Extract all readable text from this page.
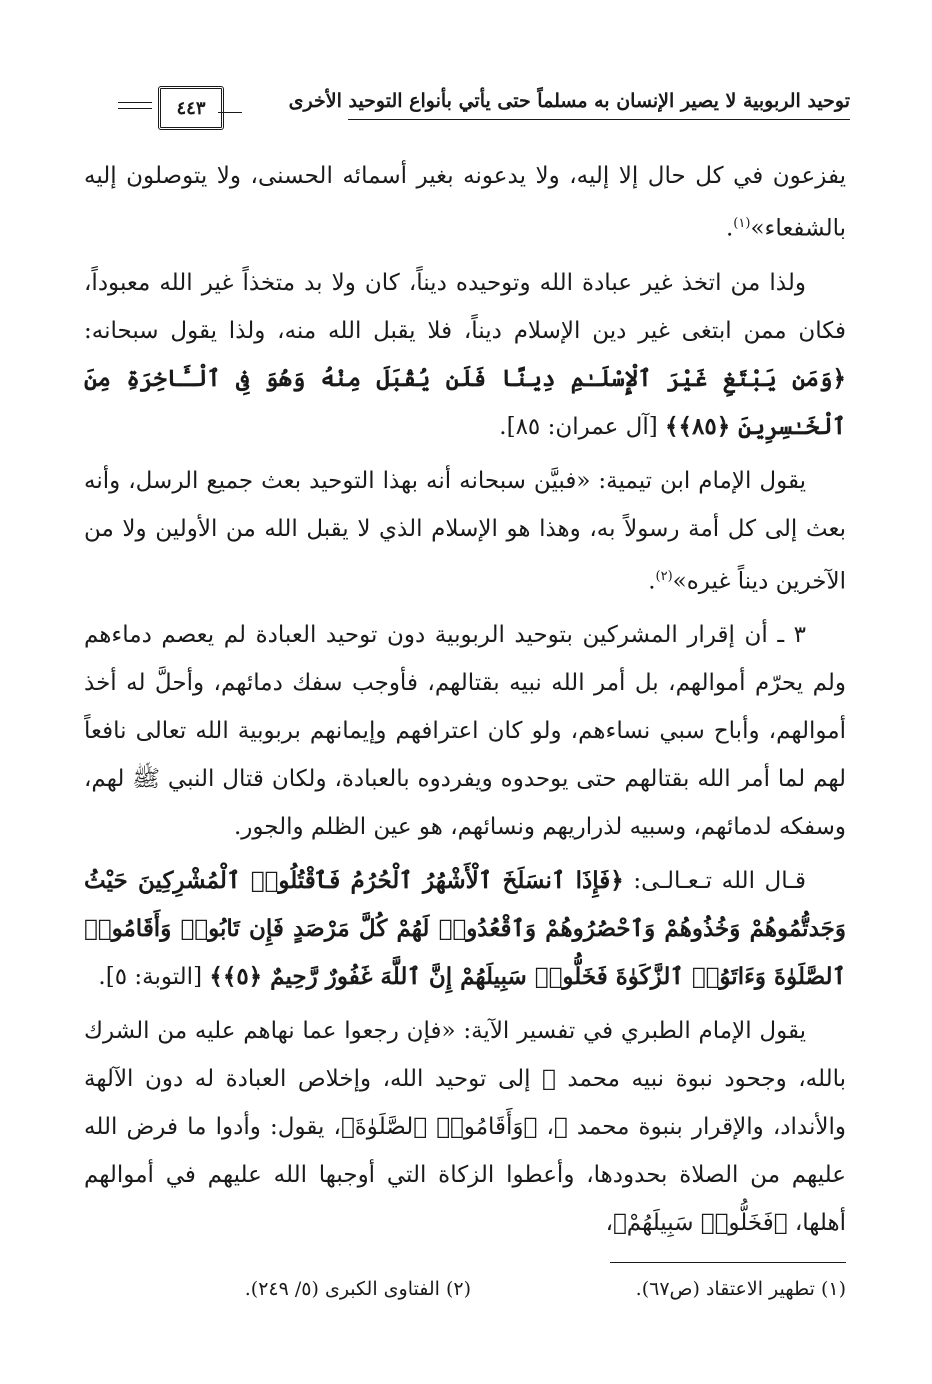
توحيد الربوبية لا يصير الإنسان به مسلماً حتى يأتي بأنواع التوحيد الأخرى
٤٤٣

يفزعون في كل حال إلا إليه، ولا يدعونه بغير أسمائه الحسنى، ولا يتوصلون إليه بالشفعاء»$^{(١)}$.

ولذا من اتخذ غير عبادة الله وتوحيده ديناً، كان ولا بد متخذاً غير الله معبوداً، فكان ممن ابتغى غير دين الإسلام ديناً، فلا يقبل الله منه، ولذا يقول سبحانه: ﴿وَمَن يَبْتَغِ غَيْرَ ٱلْإِسْلَـٰمِ دِينًا فَلَن يُقْبَلَ مِنْهُ وَهُوَ فِى ٱلْـَٔاخِرَةِ مِنَ ٱلْخَـٰسِرِينَ ﴿٨٥﴾﴾ [آل عمران: ٨٥].

يقول الإمام ابن تيمية: «فبيَّن سبحانه أنه بهذا التوحيد بعث جميع الرسل، وأنه بعث إلى كل أمة رسولاً به، وهذا هو الإسلام الذي لا يقبل الله من الأولين ولا من الآخرين ديناً غيره»$^{(٢)}$.

٣ ـ أن إقرار المشركين بتوحيد الربوبية دون توحيد العبادة لم يعصم دماءهم ولم يحرّم أموالهم، بل أمر الله نبيه بقتالهم، فأوجب سفك دمائهم، وأحلَّ له أخذ أموالهم، وأباح سبي نساءهم، ولو كان اعترافهم وإيمانهم بربوبية الله تعالى نافعاً لهم لما أمر الله بقتالهم حتى يوحدوه ويفردوه بالعبادة، ولكان قتال النبي ﷺ لهم، وسفكه لدمائهم، وسبيه لذراريهم ونسائهم، هو عين الظلم والجور.

قـال الله تـعـالـى: ﴿فَإِذَا ٱنسَلَخَ ٱلْأَشْهُرُ ٱلْحُرُمُ فَٱقْتُلُوا۟ ٱلْمُشْرِكِينَ حَيْثُ وَجَدتُّمُوهُمْ وَخُذُوهُمْ وَٱحْصُرُوهُمْ وَٱقْعُدُوا۟ لَهُمْ كُلَّ مَرْصَدٍ فَإِن تَابُوا۟ وَأَقَامُوا۟ ٱلصَّلَوٰةَ وَءَاتَوُا۟ ٱلزَّكَوٰةَ فَخَلُّوا۟ سَبِيلَهُمْ إِنَّ ٱللَّهَ غَفُورٌ رَّحِيمٌ ﴿٥﴾﴾ [التوبة: ٥].

يقول الإمام الطبري في تفسير الآية: «فإن رجعوا عما نهاهم عليه من الشرك بالله، وجحود نبوة نبيه محمد ﷺ إلى توحيد الله، وإخلاص العبادة له دون الآلهة والأنداد، والإقرار بنبوة محمد ﷺ، ﴿وَأَقَامُوا۟ ٱلصَّلَوٰةَ﴾، يقول: وأدوا ما فرض الله عليهم من الصلاة بحدودها، وأعطوا الزكاة التي أوجبها الله عليهم في أموالهم أهلها، ﴿فَخَلُّوا۟ سَبِيلَهُمْ﴾،

(١) تطهير الاعتقاد (ص٦٧).
(٢) الفتاوى الكبرى (٥/ ٢٤٩).
